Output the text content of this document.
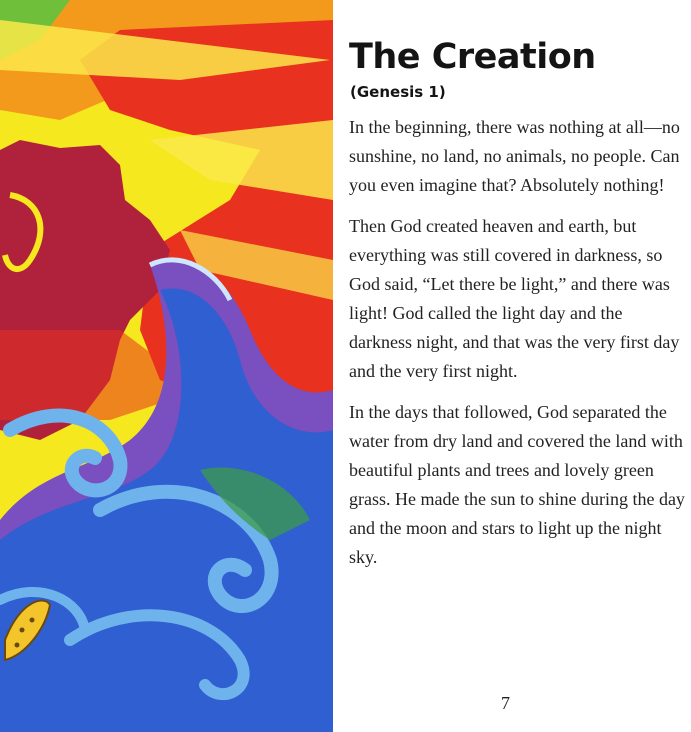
The Creation
(Genesis 1)

In the beginning, there was nothing at all—no sunshine, no land, no animals, no people. Can you even imagine that? Absolutely nothing!

Then God created heaven and earth, but everything was still covered in darkness, so God said, “Let there be light,” and there was light! God called the light day and the darkness night, and that was the very first day and the very first night.

In the days that followed, God separated the water from dry land and covered the land with beautiful plants and trees and lovely green grass. He made the sun to shine during the day and the moon and stars to light up the night sky.

7
